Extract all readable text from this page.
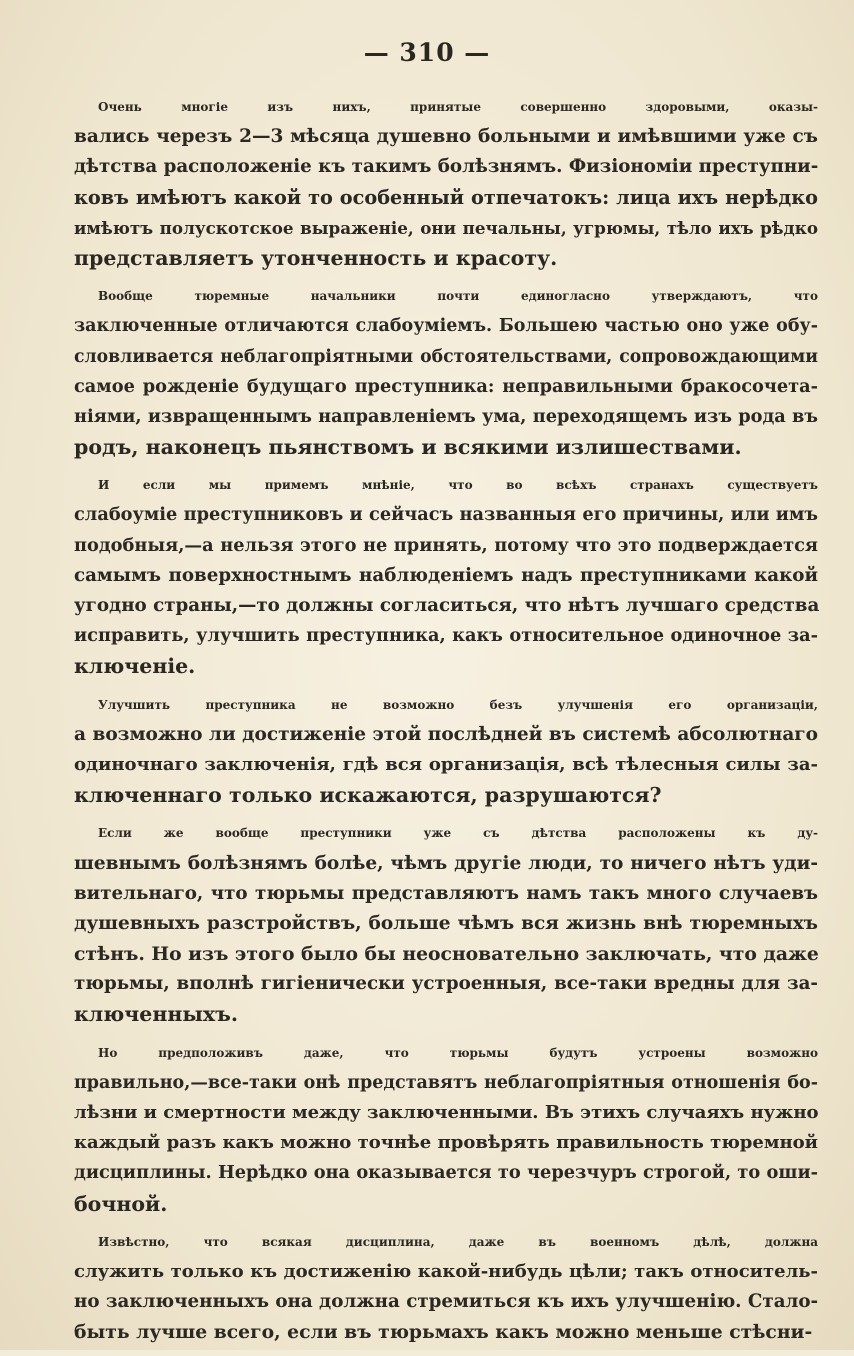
— 310 —
Очень многіе изъ нихъ, принятые совершенно здоровыми, оказы-
вались черезъ 2—3 мѣсяца душевно больными и имѣвшими уже съ
дѣтства расположеніе къ такимъ болѣзнямъ. Физіономіи преступни-
ковъ имѣютъ какой то особенный отпечатокъ: лица ихъ нерѣдко
имѣютъ полускотское выраженіе, они печальны, угрюмы, тѣло ихъ рѣдко
представляетъ утонченность и красоту.
Вообще тюремные начальники почти единогласно утверждаютъ, что
заключенные отличаются слабоуміемъ. Большею частью оно уже обу-
словливается неблагопріятными обстоятельствами, сопровождающими
самое рожденіе будущаго преступника: неправильными бракосочета-
ніями, извращеннымъ направленіемъ ума, переходящемъ изъ рода въ
родъ, наконецъ пьянствомъ и всякими излишествами.
И если мы примемъ мнѣніе, что во всѣхъ странахъ существуетъ
слабоуміе преступниковъ и сейчасъ названныя его причины, или имъ
подобныя,—а нельзя этого не принять, потому что это подверждается
самымъ поверхностнымъ наблюденіемъ надъ преступниками какой
угодно страны,—то должны согласиться, что нѣтъ лучшаго средства
исправить, улучшить преступника, какъ относительное одиночное за-
ключеніе.
Улучшить преступника не возможно безъ улучшенія его организаціи,
а возможно ли достиженіе этой послѣдней въ системѣ абсолютнаго
одиночнаго заключенія, гдѣ вся организація, всѣ тѣлесныя силы за-
ключеннаго только искажаются, разрушаются?
Если же вообще преступники уже съ дѣтства расположены къ ду-
шевнымъ болѣзнямъ болѣе, чѣмъ другіе люди, то ничего нѣтъ уди-
вительнаго, что тюрьмы представляютъ намъ такъ много случаевъ
душевныхъ разстройствъ, больше чѣмъ вся жизнь внѣ тюремныхъ
стѣнъ. Но изъ этого было бы неосновательно заключать, что даже
тюрьмы, вполнѣ гигіенически устроенныя, все-таки вредны для за-
ключенныхъ.
Но предположивъ даже, что тюрьмы будутъ устроены возможно
правильно,—все-таки онѣ представятъ неблагопріятныя отношенія бо-
лѣзни и смертности между заключенными. Въ этихъ случаяхъ нужно
каждый разъ какъ можно точнѣе провѣрять правильность тюремной
дисциплины. Нерѣдко она оказывается то черезчуръ строгой, то оши-
бочной.
Извѣстно, что всякая дисциплина, даже въ военномъ дѣлѣ, должна
служить только къ достиженію какой-нибудь цѣли; такъ относитель-
но заключенныхъ она должна стремиться къ ихъ улучшенію. Стало-
быть лучше всего, если въ тюрьмахъ какъ можно меньше стѣсни-
